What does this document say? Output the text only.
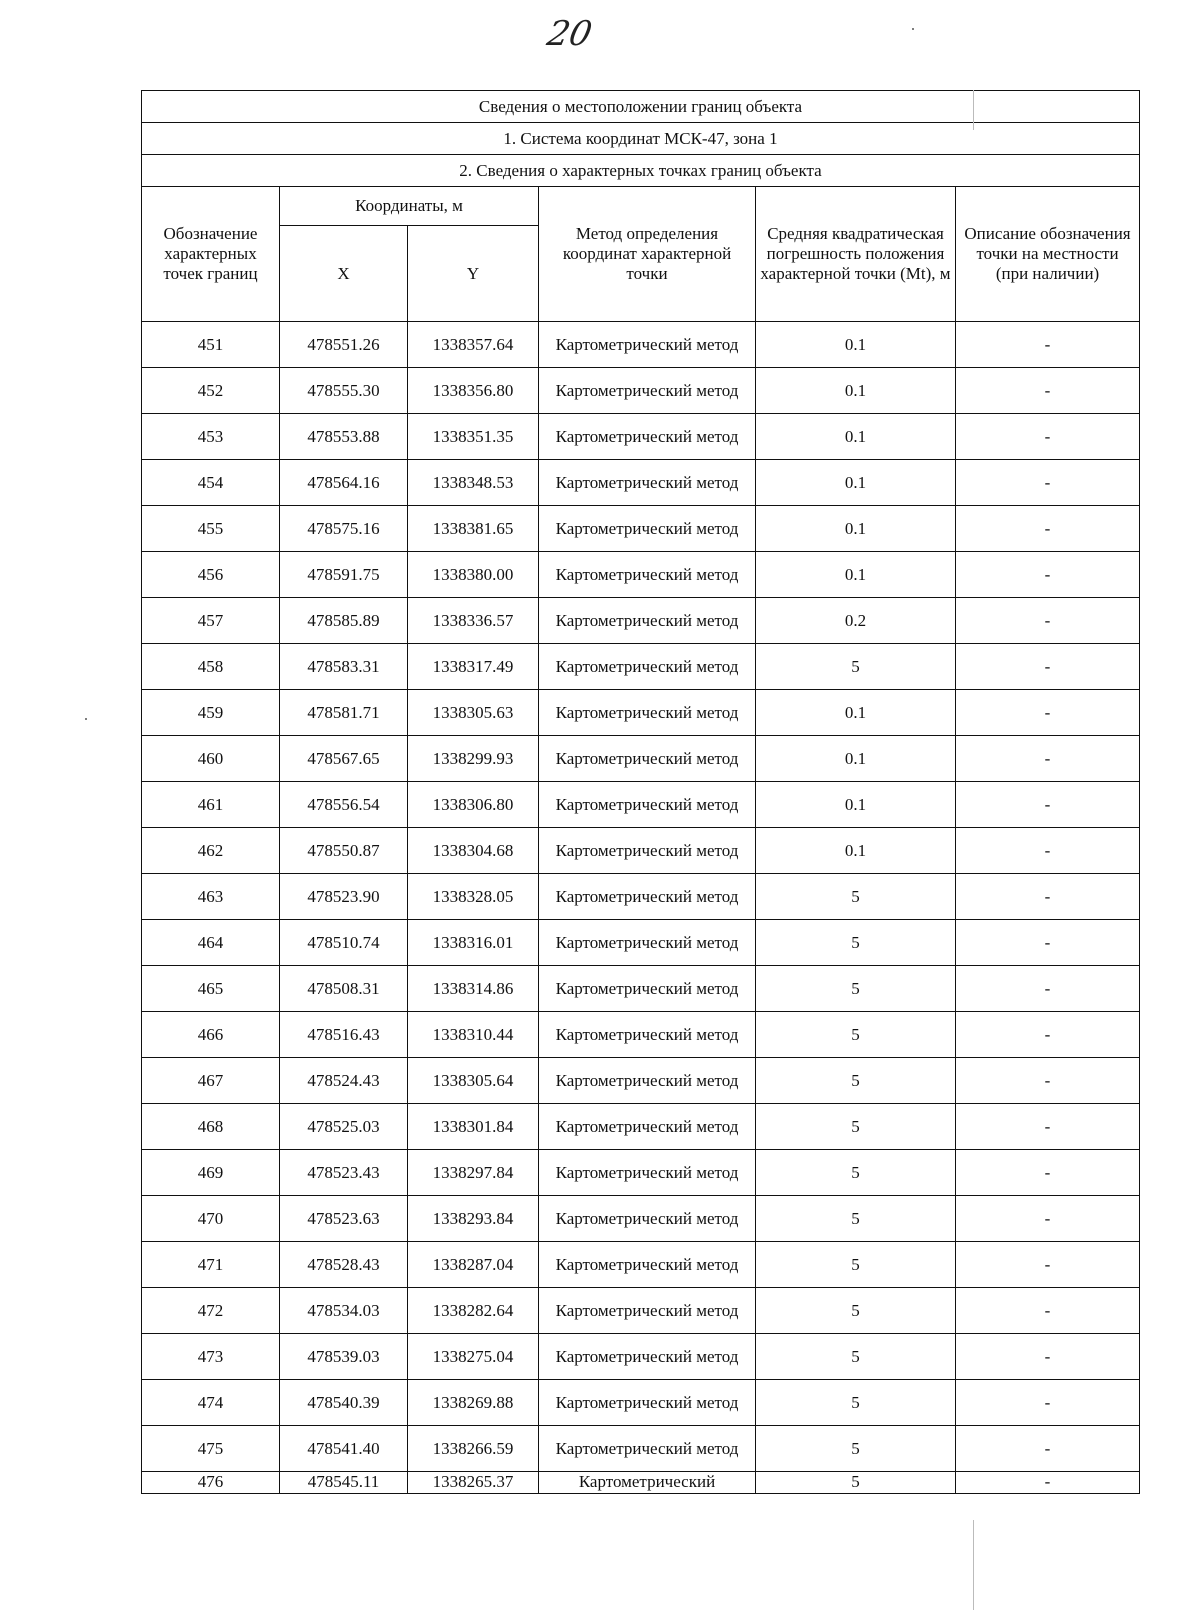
20
Сведения о местоположении границ объекта					
1. Система координат МСК-47, зона 1					
2. Сведения о характерных точках границ объекта					
Обозначение характерных точек границ	Координаты, м		Метод определения координат характерной точки	Средняя квадратическая погрешность положения характерной точки (Mt), м	Описание обозначения точки на местности (при наличии)
	X	Y			
451	478551.26	1338357.64	Картометрический метод	0.1	-
452	478555.30	1338356.80	Картометрический метод	0.1	-
453	478553.88	1338351.35	Картометрический метод	0.1	-
454	478564.16	1338348.53	Картометрический метод	0.1	-
455	478575.16	1338381.65	Картометрический метод	0.1	-
456	478591.75	1338380.00	Картометрический метод	0.1	-
457	478585.89	1338336.57	Картометрический метод	0.2	-
458	478583.31	1338317.49	Картометрический метод	5	-
459	478581.71	1338305.63	Картометрический метод	0.1	-
460	478567.65	1338299.93	Картометрический метод	0.1	-
461	478556.54	1338306.80	Картометрический метод	0.1	-
462	478550.87	1338304.68	Картометрический метод	0.1	-
463	478523.90	1338328.05	Картометрический метод	5	-
464	478510.74	1338316.01	Картометрический метод	5	-
465	478508.31	1338314.86	Картометрический метод	5	-
466	478516.43	1338310.44	Картометрический метод	5	-
467	478524.43	1338305.64	Картометрический метод	5	-
468	478525.03	1338301.84	Картометрический метод	5	-
469	478523.43	1338297.84	Картометрический метод	5	-
470	478523.63	1338293.84	Картометрический метод	5	-
471	478528.43	1338287.04	Картометрический метод	5	-
472	478534.03	1338282.64	Картометрический метод	5	-
473	478539.03	1338275.04	Картометрический метод	5	-
474	478540.39	1338269.88	Картометрический метод	5	-
475	478541.40	1338266.59	Картометрический метод	5	-
476	478545.11	1338265.37	Картометрический	5	-
